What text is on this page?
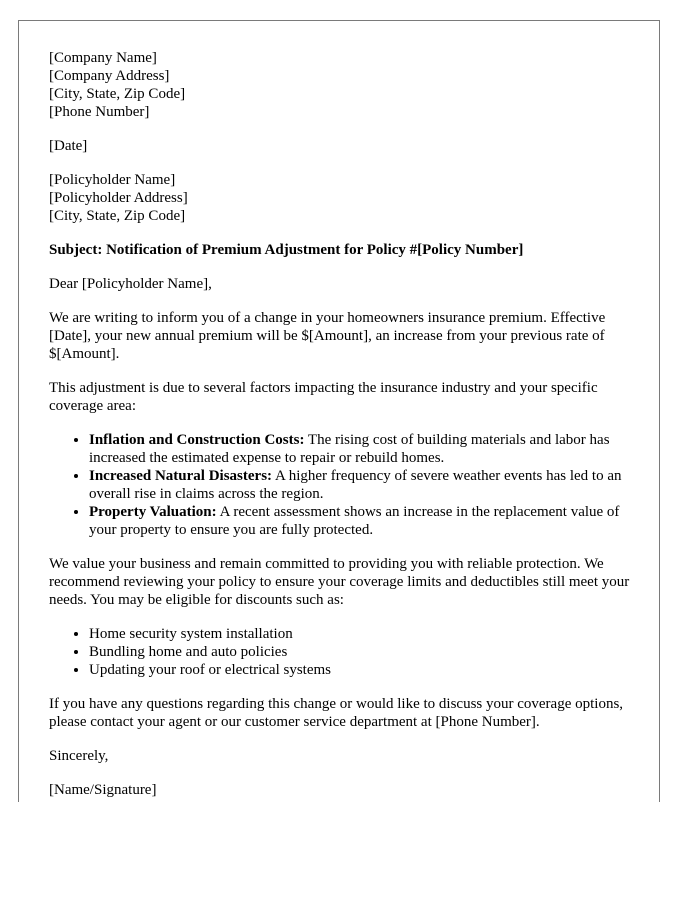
[Company Name]
[Company Address]
[City, State, Zip Code]
[Phone Number]
[Date]
[Policyholder Name]
[Policyholder Address]
[City, State, Zip Code]
Subject: Notification of Premium Adjustment for Policy #[Policy Number]

Dear [Policyholder Name],

We are writing to inform you of a change in your homeowners insurance premium. Effective [Date], your new annual premium will be $[Amount], an increase from your previous rate of $[Amount].

This adjustment is due to several factors impacting the insurance industry and your specific coverage area:

• Inflation and Construction Costs: The rising cost of building materials and labor has increased the estimated expense to repair or rebuild homes.
• Increased Natural Disasters: A higher frequency of severe weather events has led to an overall rise in claims across the region.
• Property Valuation: A recent assessment shows an increase in the replacement value of your property to ensure you are fully protected.

We value your business and remain committed to providing you with reliable protection. We recommend reviewing your policy to ensure your coverage limits and deductibles still meet your needs. You may be eligible for discounts such as:

• Home security system installation
• Bundling home and auto policies
• Updating your roof or electrical systems

If you have any questions regarding this change or would like to discuss your coverage options, please contact your agent or our customer service department at [Phone Number].

Sincerely,

[Name/Signature]
